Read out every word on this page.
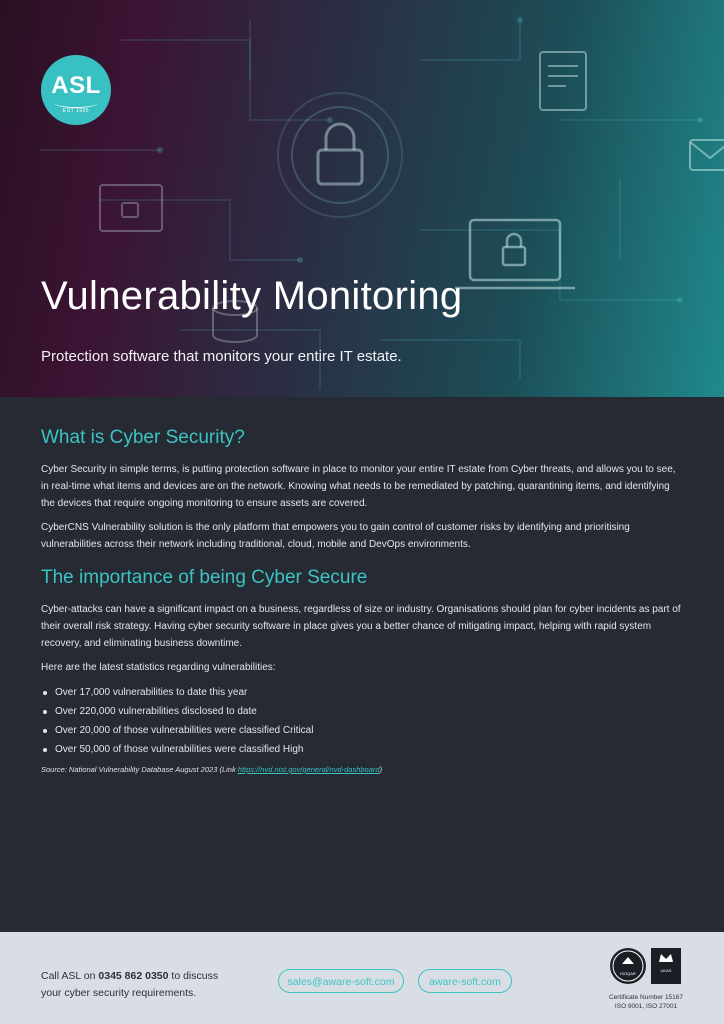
ASL
EST 1995
Vulnerability Monitoring
Protection software that monitors your entire IT estate.
What is Cyber Security?

Cyber Security in simple terms, is putting protection software in place to monitor your entire IT estate from Cyber threats, and allows you to see, in real-time what items and devices are on the network. Knowing what needs to be remediated by patching, quarantining items, and identifying the devices that require ongoing monitoring to ensure assets are covered.

CyberCNS Vulnerability solution is the only platform that empowers you to gain control of customer risks by identifying and prioritising vulnerabilities across their network including traditional, cloud, mobile and DevOps environments.

The importance of being Cyber Secure

Cyber-attacks can have a significant impact on a business, regardless of size or industry. Organisations should plan for cyber incidents as part of their overall risk strategy. Having cyber security software in place gives you a better chance of mitigating impact, helping with rapid system recovery, and eliminating business downtime.

Here are the latest statistics regarding vulnerabilities:

Over 17,000 vulnerabilities to date this year
Over 220,000 vulnerabilities disclosed to date
Over 20,000 of those vulnerabilities were classified Critical
Over 50,000 of those vulnerabilities were classified High
Source: National Vulnerability Database August 2023 (Link https://nvd.nist.gov/general/nvd-dashboard)
Call ASL on 0345 862 0350 to discuss your cyber security requirements.
sales@aware-soft.com	aware-soft.com
ISOQAR
UKAS
Certificate Number 15167
ISO 9001, ISO 27001
